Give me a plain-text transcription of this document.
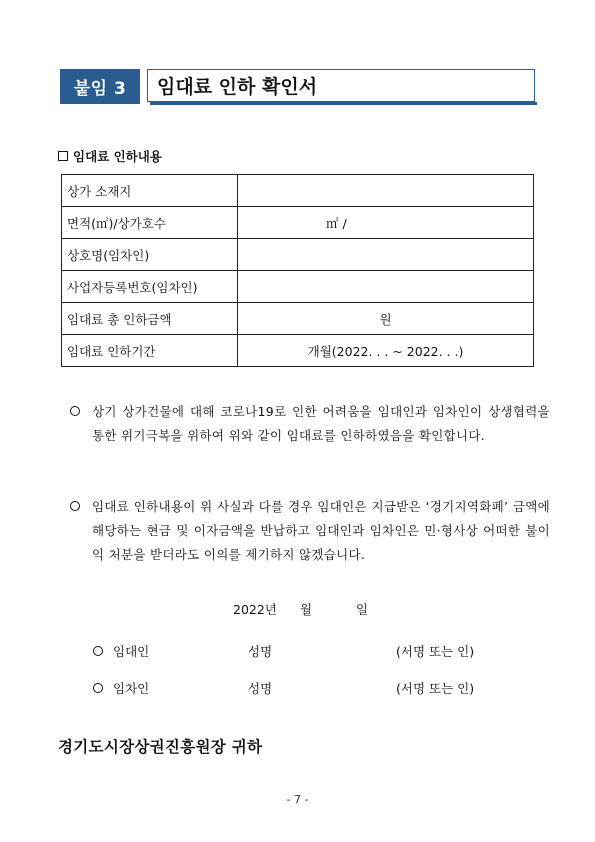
붙임 3	임대료 인하 확인서
임대료 인하내용
상가 소재지	
면적(㎡)/상가호수	㎡ /
상호명(임차인)	
사업자등록번호(임차인)	
임대료 총 인하금액	원
임대료 인하기간	개월(2022. . . ~ 2022. . .)
상기 상가건물에 대해 코로나19로 인한 어려움을 임대인과 임차인이 상생협력을 통한 위기극복을 위하여 위와 같이 임대료를 인하하였음을 확인합니다.
임대료 인하내용이 위 사실과 다를 경우 임대인은 지급받은 ‘경기지역화폐’ 금액에 해당하는 현금 및 이자금액을 반납하고 임대인과 임차인은 민·형사상 어떠한 불이익 처분을 받더라도 이의를 제기하지 않겠습니다.
2022년 월	일
임대인	성명	(서명 또는 인)
임차인	성명	(서명 또는 인)
경기도시장상권진흥원장 귀하
- 7 -
